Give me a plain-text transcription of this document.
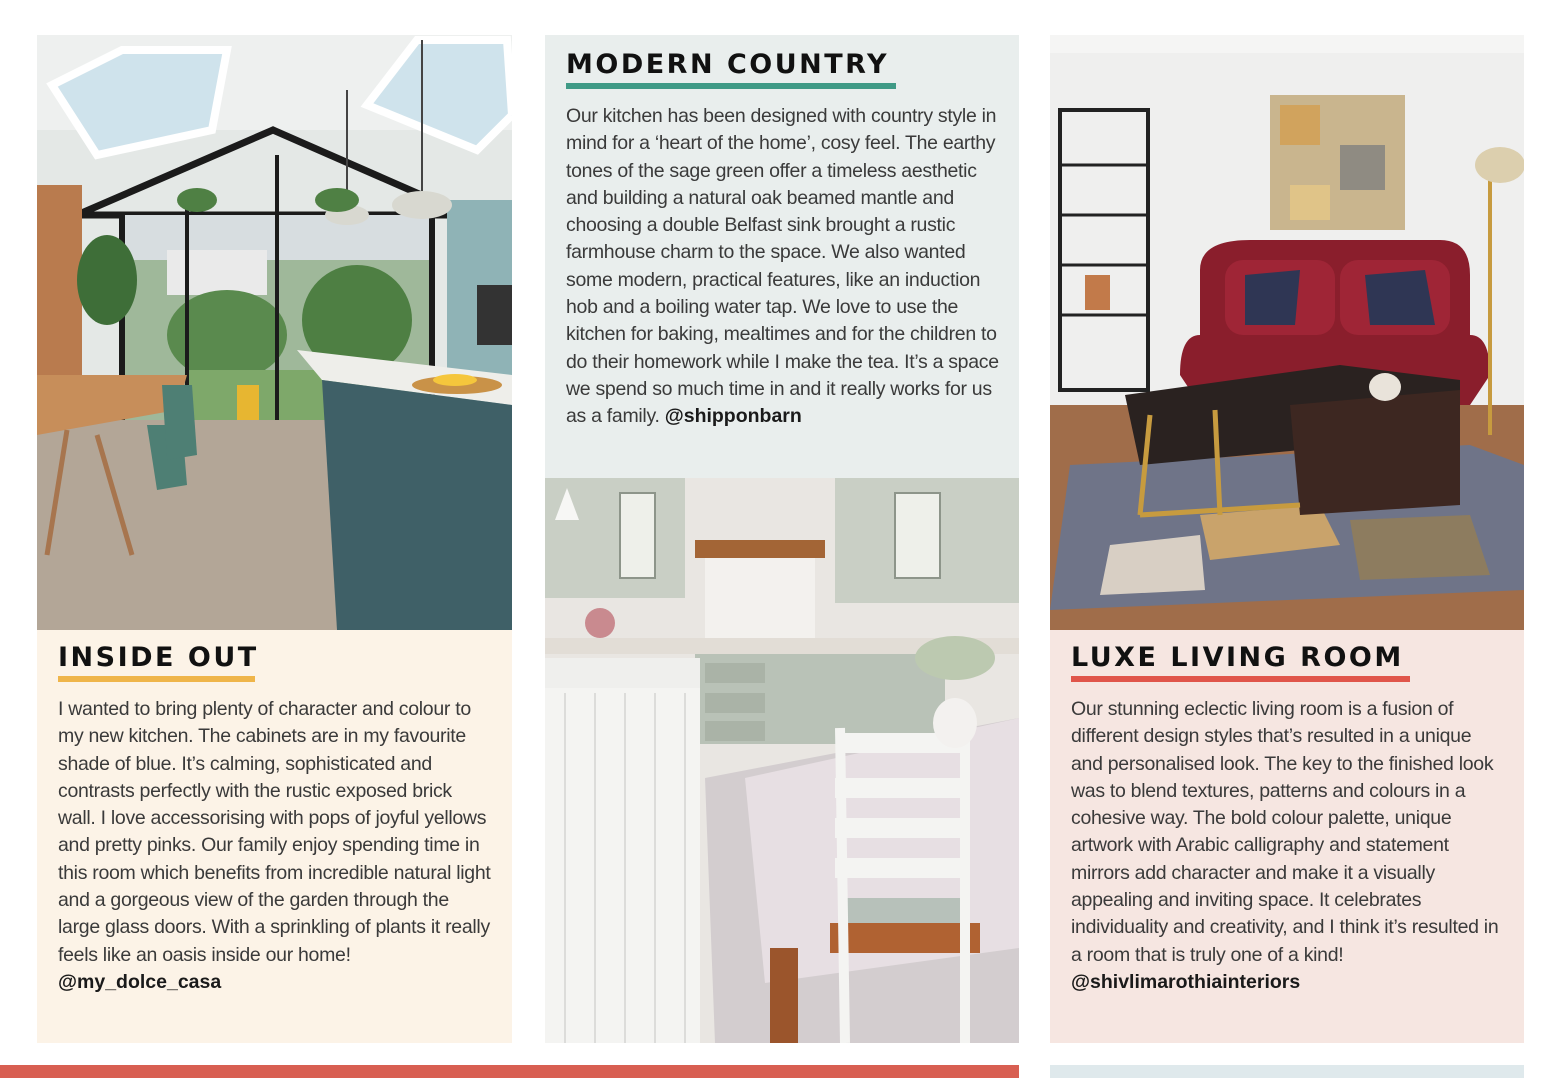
INSIDE OUT

I wanted to bring plenty of character and colour to my new kitchen. The cabinets are in my favourite shade of blue. It’s calming, sophisticated and contrasts perfectly with the rustic exposed brick wall. I love accessorising with pops of joyful yellows and pretty pinks. Our family enjoy spending time in this room which benefits from incredible natural light and a gorgeous view of the garden through the large glass doors. With a sprinkling of plants it really feels like an oasis inside our home! @my_dolce_casa

MODERN COUNTRY

Our kitchen has been designed with country style in mind for a ‘heart of the home’, cosy feel. The earthy tones of the sage green offer a timeless aesthetic and building a natural oak beamed mantle and choosing a double Belfast sink brought a rustic farmhouse charm to the space. We also wanted some modern, practical features, like an induction hob and a boiling water tap. We love to use the kitchen for baking, mealtimes and for the children to do their homework while I make the tea. It’s a space we spend so much time in and it really works for us as a family. @shipponbarn

LUXE LIVING ROOM

Our stunning eclectic living room is a fusion of different design styles that’s resulted in a unique and personalised look. The key to the finished look was to blend textures, patterns and colours in a cohesive way. The bold colour palette, unique artwork with Arabic calligraphy and statement mirrors add character and make it a visually appealing and inviting space. It celebrates individuality and creativity, and I think it’s resulted in a room that is truly one of a kind!
@shivlimarothiainteriors
